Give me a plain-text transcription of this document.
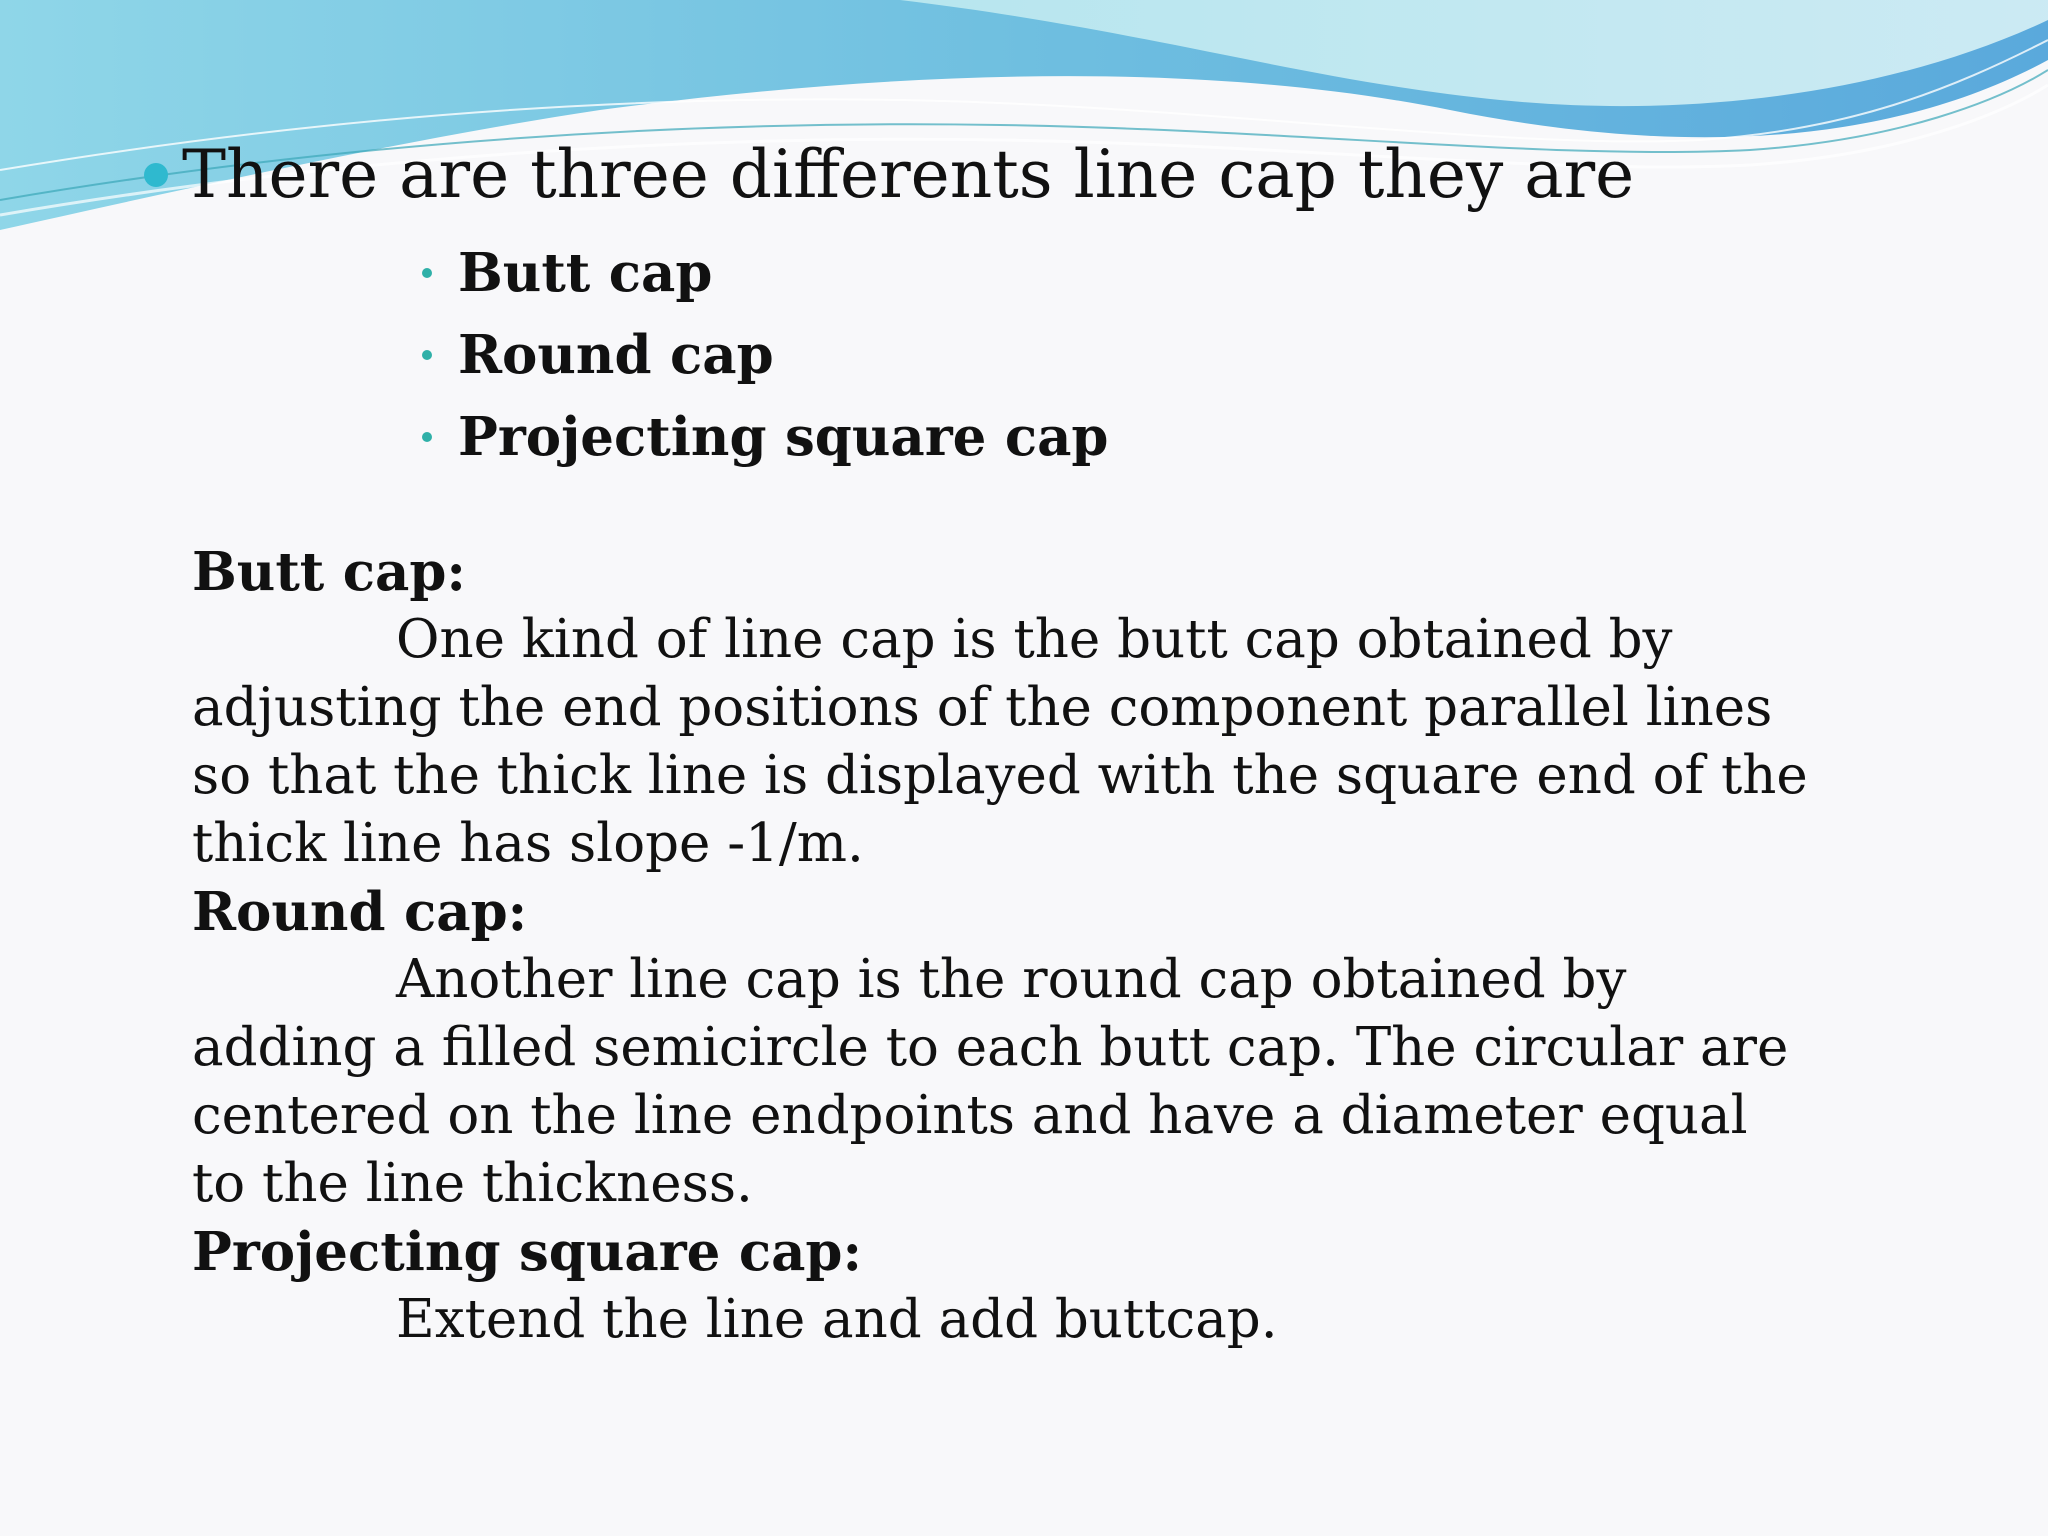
There are three differents line cap they are
Butt cap
Round cap
Projecting square cap
Butt cap:

One kind of line cap is the butt cap obtained by adjusting the end positions of the component parallel lines so that the thick line is displayed with the square end of the thick line has slope -1/m.

Round cap:

Another line cap is the round cap obtained by adding a filled semicircle to each butt cap. The circular are centered on the line endpoints and have a diameter equal to the line thickness.

Projecting square cap:

Extend the line and add buttcap.
